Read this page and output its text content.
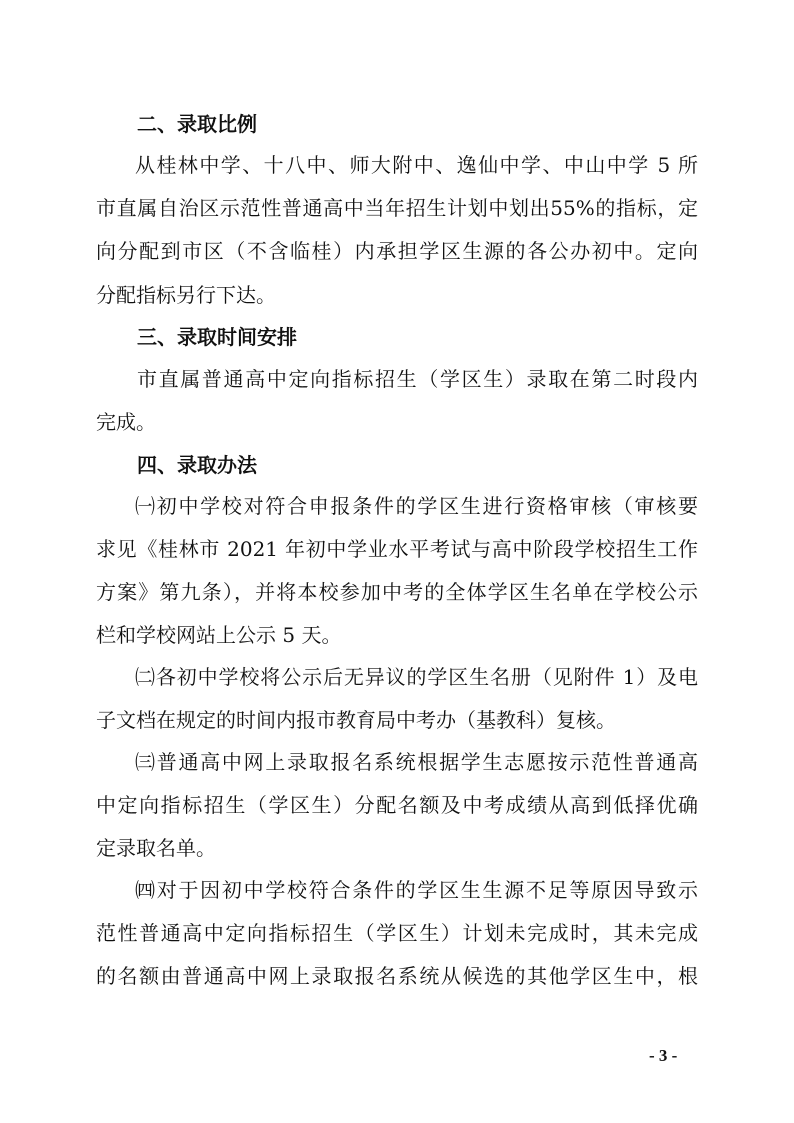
二、录取比例
从桂林中学、十八中、师大附中、逸仙中学、中山中学 5 所
市直属自治区示范性普通高中当年招生计划中划出55%的指标，定
向分配到市区（不含临桂）内承担学区生源的各公办初中。定向
分配指标另行下达。
三、录取时间安排
市直属普通高中定向指标招生（学区生）录取在第二时段内
完成。
四、录取办法
㈠初中学校对符合申报条件的学区生进行资格审核（审核要
求见《桂林市 2021 年初中学业水平考试与高中阶段学校招生工作
方案》第九条），并将本校参加中考的全体学区生名单在学校公示
栏和学校网站上公示 5 天。
㈡各初中学校将公示后无异议的学区生名册（见附件 1）及电
子文档在规定的时间内报市教育局中考办（基教科）复核。
㈢普通高中网上录取报名系统根据学生志愿按示范性普通高
中定向指标招生（学区生）分配名额及中考成绩从高到低择优确
定录取名单。
㈣对于因初中学校符合条件的学区生生源不足等原因导致示
范性普通高中定向指标招生（学区生）计划未完成时，其未完成
的名额由普通高中网上录取报名系统从候选的其他学区生中，根
- 3 -
